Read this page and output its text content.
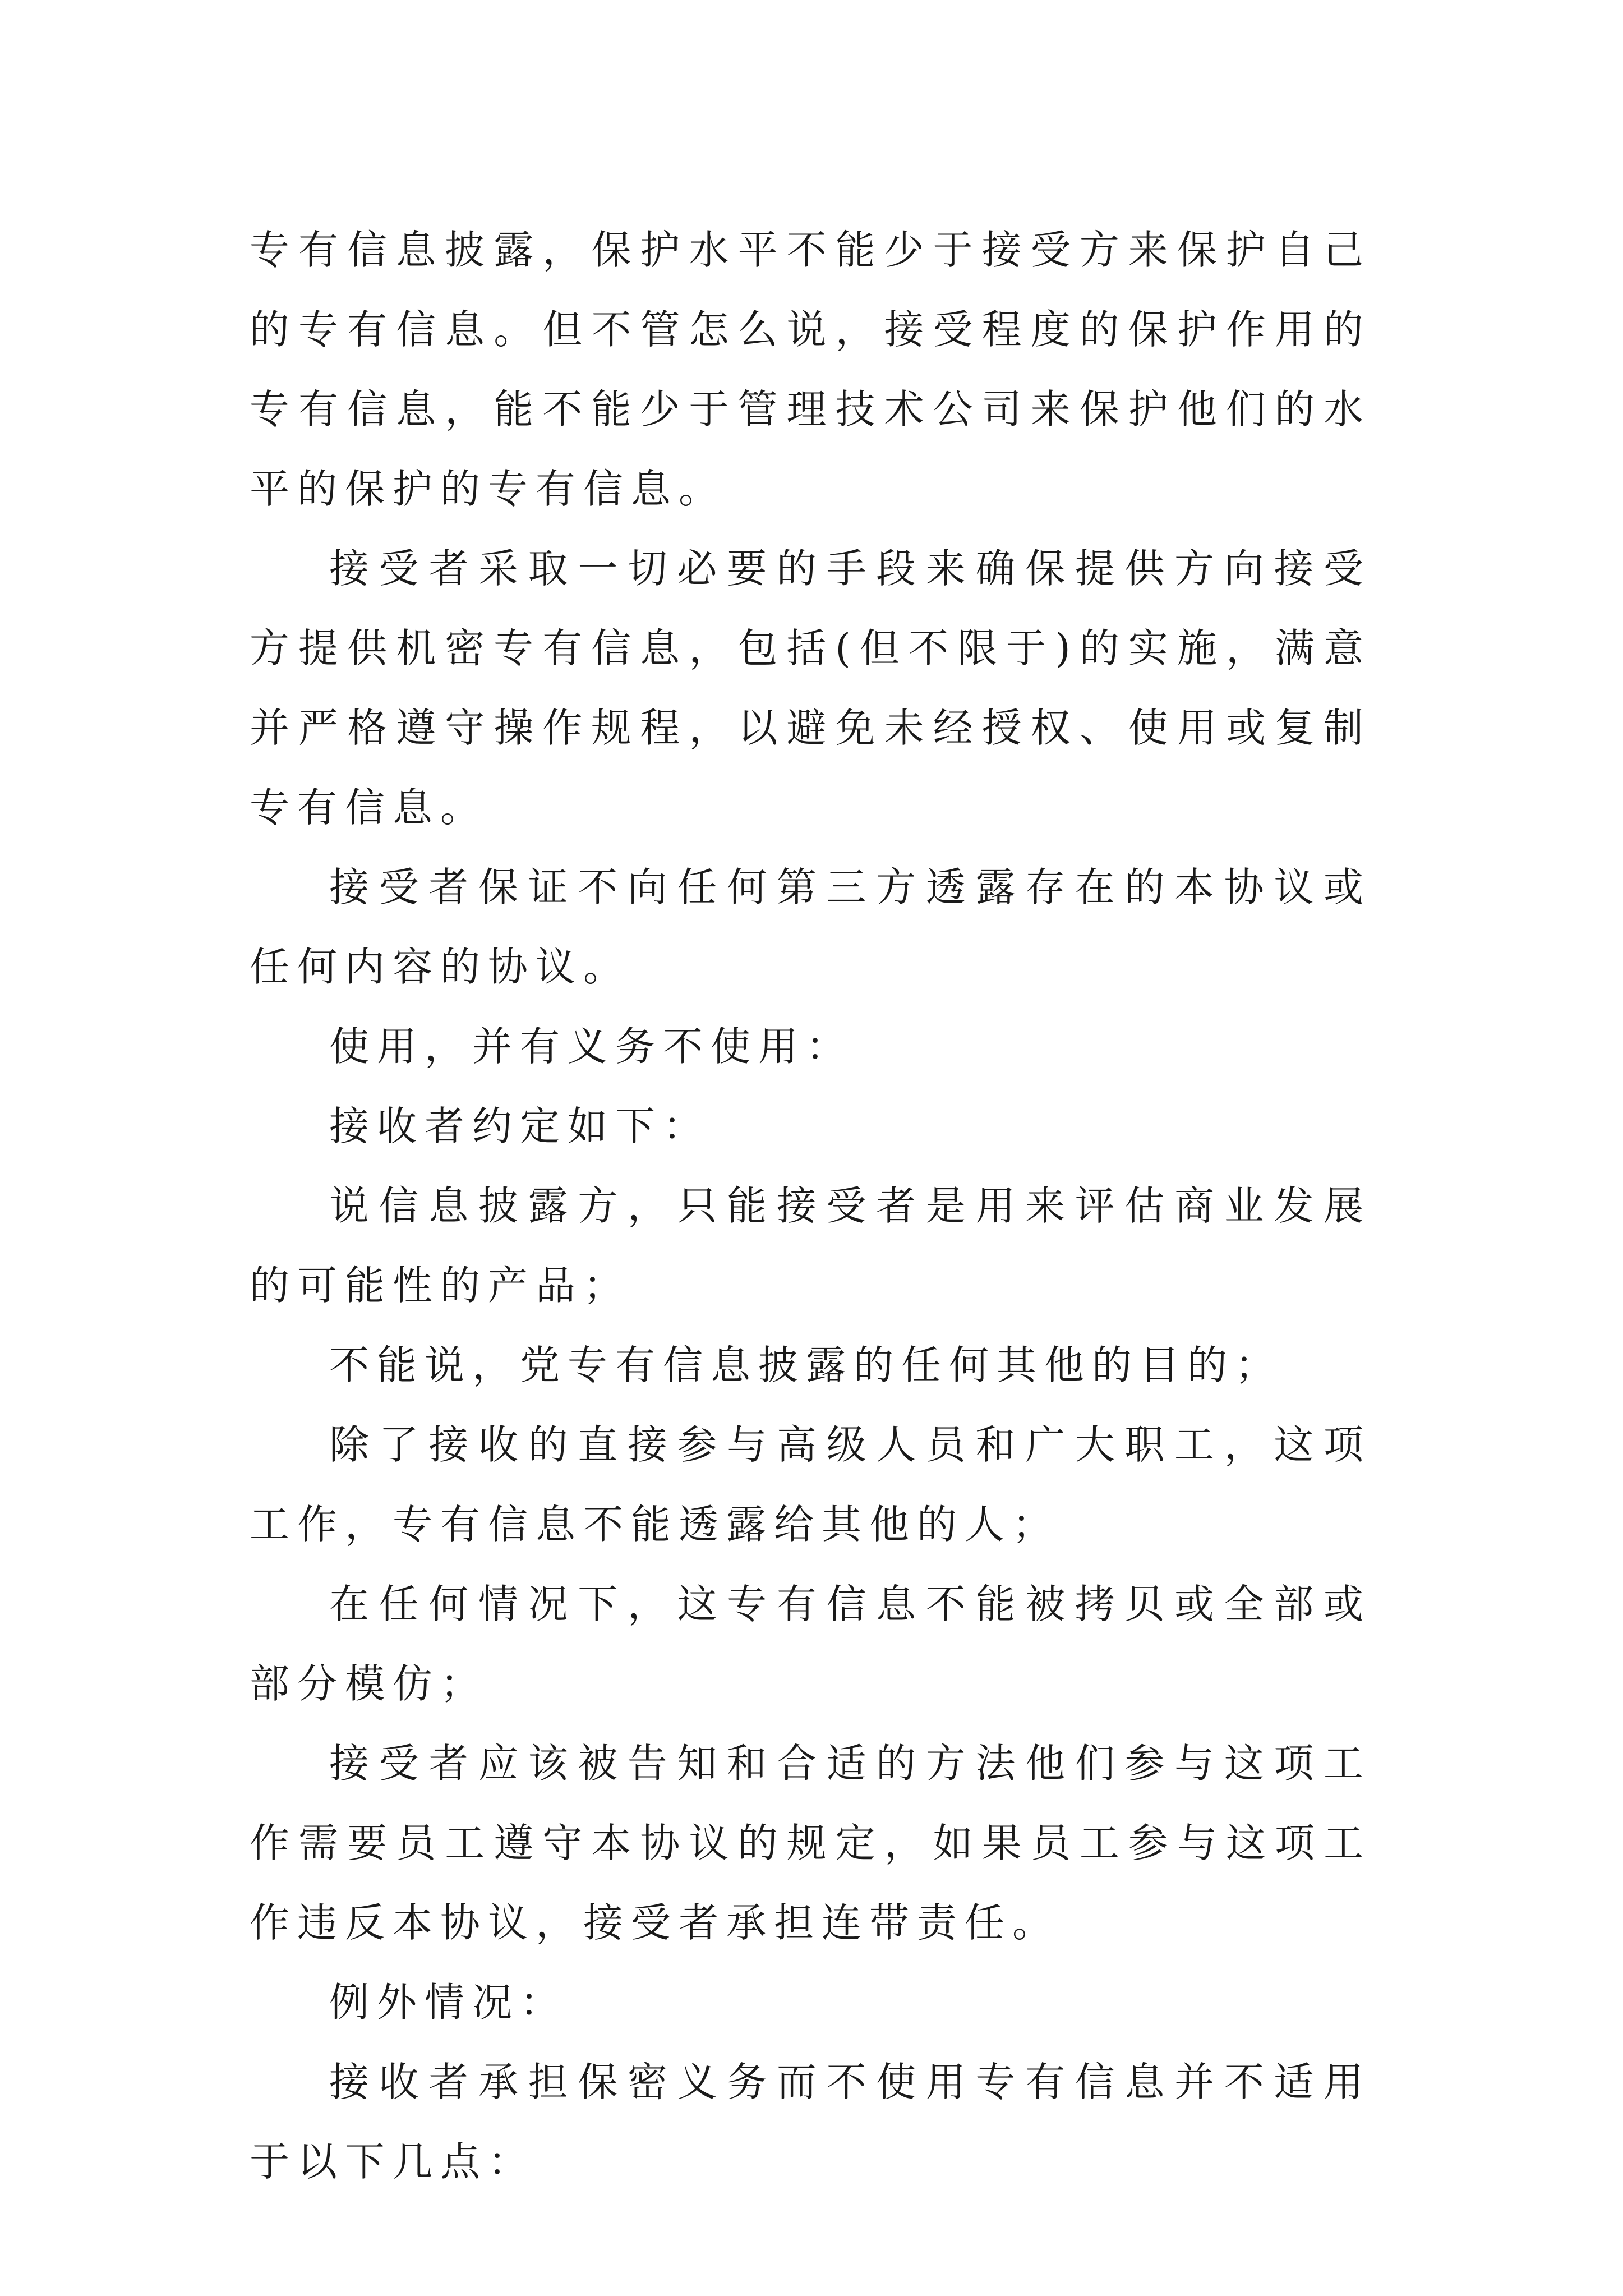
专有信息披露，保护水平不能少于接受方来保护自己的专有信息。但不管怎么说，接受程度的保护作用的专有信息，能不能少于管理技术公司来保护他们的水平的保护的专有信息。

接受者采取一切必要的手段来确保提供方向接受方提供机密专有信息，包括(但不限于)的实施，满意并严格遵守操作规程，以避免未经授权、使用或复制专有信息。

接受者保证不向任何第三方透露存在的本协议或任何内容的协议。

使用，并有义务不使用：

接收者约定如下：

说信息披露方，只能接受者是用来评估商业发展的可能性的产品；

不能说，党专有信息披露的任何其他的目的；

除了接收的直接参与高级人员和广大职工，这项工作，专有信息不能透露给其他的人；

在任何情况下，这专有信息不能被拷贝或全部或部分模仿；

接受者应该被告知和合适的方法他们参与这项工作需要员工遵守本协议的规定，如果员工参与这项工作违反本协议，接受者承担连带责任。

例外情况：

接收者承担保密义务而不使用专有信息并不适用于以下几点：
